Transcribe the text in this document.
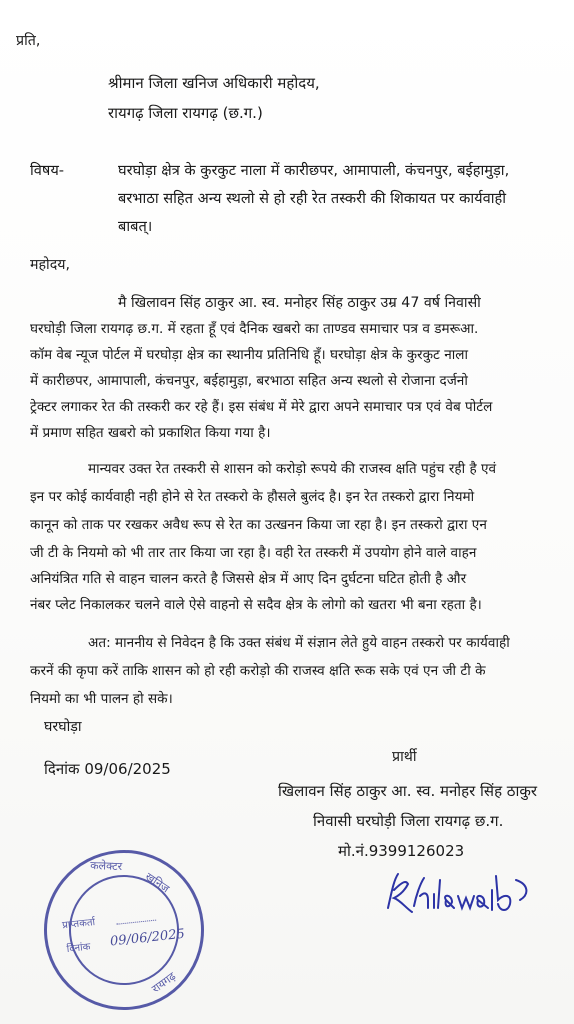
प्रति,
श्रीमान जिला खनिज अधिकारी महोदय,
रायगढ़ जिला रायगढ़ (छ.ग.)
विषय-	घरघोड़ा क्षेत्र के कुरकुट नाला में कारीछपर, आमापाली, कंचनपुर, बईहामुड़ा,
बरभाठा सहित अन्य स्थलो से हो रही रेत तस्करी की शिकायत पर कार्यवाही
बाबत्।
महोदय,
मै खिलावन सिंह ठाकुर आ. स्व. मनोहर सिंह ठाकुर उम्र 47 वर्ष निवासी
घरघोड़ी जिला रायगढ़ छ.ग. में रहता हूँ एवं दैनिक खबरो का ताण्डव समाचार पत्र व डमरूआ.
कॉम वेब न्यूज पोर्टल में घरघोड़ा क्षेत्र का स्थानीय प्रतिनिधि हूँ। घरघोड़ा क्षेत्र के कुरकुट नाला
में कारीछपर, आमापाली, कंचनपुर, बईहामुड़ा, बरभाठा सहित अन्य स्थलो से रोजाना दर्जनो
ट्रेक्टर लगाकर रेत की तस्करी कर रहे हैं। इस संबंध में मेरे द्वारा अपने समाचार पत्र एवं वेब पोर्टल
में प्रमाण सहित खबरो को प्रकाशित किया गया है।
मान्यवर उक्त रेत तस्करी से शासन को करोड़ो रूपये की राजस्व क्षति पहुंच रही है एवं
इन पर कोई कार्यवाही नही होने से रेत तस्करो के हौसले बुलंद है। इन रेत तस्करो द्वारा नियमो
कानून को ताक पर रखकर अवैध रूप से रेत का उत्खनन किया जा रहा है। इन तस्करो द्वारा एन
जी टी के नियमो को भी तार तार किया जा रहा है। वही रेत तस्करी में उपयोग होने वाले वाहन
अनियंत्रित गति से वाहन चालन करते है जिससे क्षेत्र में आए दिन दुर्घटना घटित होती है और
नंबर प्लेट निकालकर चलने वाले ऐसे वाहनो से सदैव क्षेत्र के लोगो को खतरा भी बना रहता है।
अत: माननीय से निवेदन है कि उक्त संबंध में संज्ञान लेते हुये वाहन तस्करो पर कार्यवाही
करनें की कृपा करें ताकि शासन को हो रही करोड़ो की राजस्व क्षति रूक सके एवं एन जी टी के
नियमो का भी पालन हो सके।
घरघोड़ा
दिनांक 09/06/2025
प्रार्थी
खिलावन सिंह ठाकुर आ. स्व. मनोहर सिंह ठाकुर
निवासी घरघोड़ी जिला रायगढ़ छ.ग.
मो.नं.9399126023
कलेक्टर
खनिज
प्राप्तकर्ता
दिनांक 09/06/2025
रायगढ़
